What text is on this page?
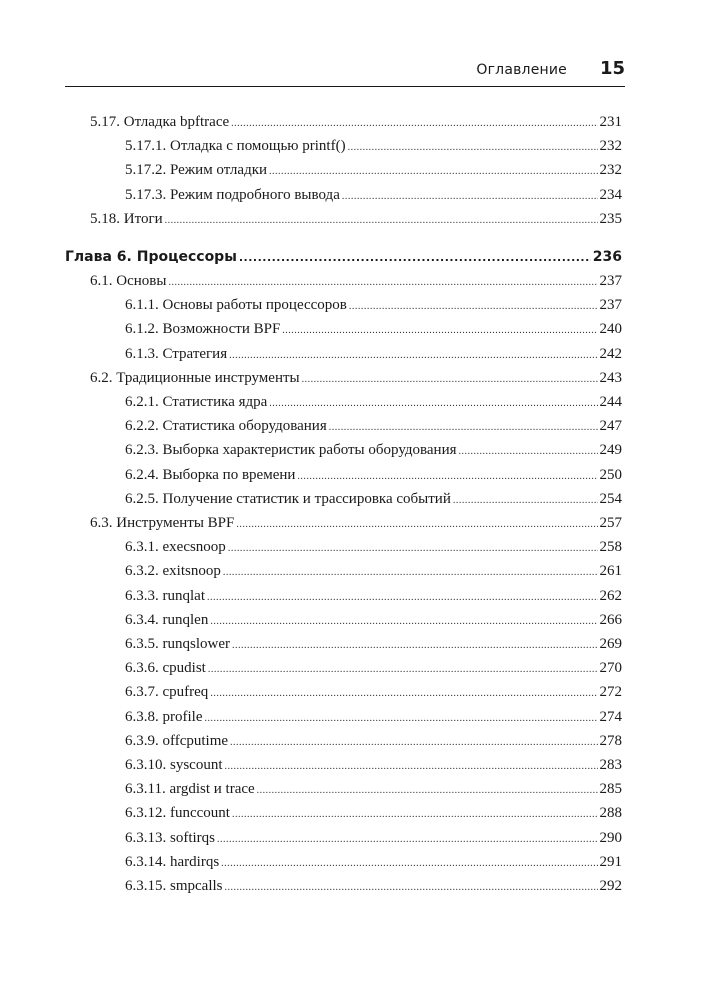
Оглавление 15
5.17. Отладка bpftrace .....	231
5.17.1. Отладка с помощью printf() .....	232
5.17.2. Режим отладки .....	232
5.17.3. Режим подробного вывода .....	234
5.18. Итоги .....	235
Глава 6. Процессоры .....	236
6.1. Основы .....	237
6.1.1. Основы работы процессоров .....	237
6.1.2. Возможности BPF .....	240
6.1.3. Стратегия .....	242
6.2. Традиционные инструменты .....	243
6.2.1. Статистика ядра .....	244
6.2.2. Статистика оборудования .....	247
6.2.3. Выборка характеристик работы оборудования .....	249
6.2.4. Выборка по времени .....	250
6.2.5. Получение статистик и трассировка событий .....	254
6.3. Инструменты BPF .....	257
6.3.1. execsnoop .....	258
6.3.2. exitsnoop .....	261
6.3.3. runqlat .....	262
6.3.4. runqlen .....	266
6.3.5. runqslower .....	269
6.3.6. cpudist .....	270
6.3.7. cpufreq .....	272
6.3.8. profile .....	274
6.3.9. offcputime .....	278
6.3.10. syscount .....	283
6.3.11. argdist и trace .....	285
6.3.12. funccount .....	288
6.3.13. softirqs .....	290
6.3.14. hardirqs .....	291
6.3.15. smpcalls .....	292
